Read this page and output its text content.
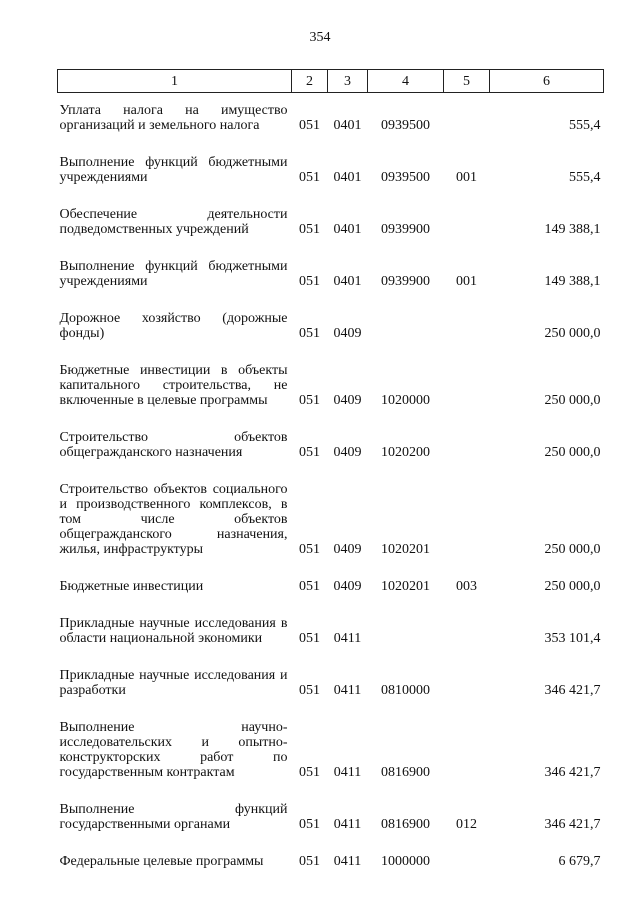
354
1	2	3	4	5	6
Уплата налога на имущество организаций и земельного налога	051	0401	0939500		555,4
Выполнение функций бюджетными учреждениями	051	0401	0939500	001	555,4
Обеспечение деятельности подведомственных учреждений	051	0401	0939900		149 388,1
Выполнение функций бюджетными учреждениями	051	0401	0939900	001	149 388,1
Дорожное хозяйство (дорожные фонды)	051	0409			250 000,0
Бюджетные инвестиции в объекты капитального строительства, не включенные в целевые программы	051	0409	1020000		250 000,0
Строительство объектов общегражданского назначения	051	0409	1020200		250 000,0
Строительство объектов социального и производственного комплексов, в том числе объектов общегражданского назначения, жилья, инфраструктуры	051	0409	1020201		250 000,0
Бюджетные инвестиции	051	0409	1020201	003	250 000,0
Прикладные научные исследования в области национальной экономики	051	0411			353 101,4
Прикладные научные исследования и разработки	051	0411	0810000		346 421,7
Выполнение научно-исследовательских и опытно-конструкторских работ по государственным контрактам	051	0411	0816900		346 421,7
Выполнение функций государственными органами	051	0411	0816900	012	346 421,7
Федеральные целевые программы	051	0411	1000000		6 679,7
